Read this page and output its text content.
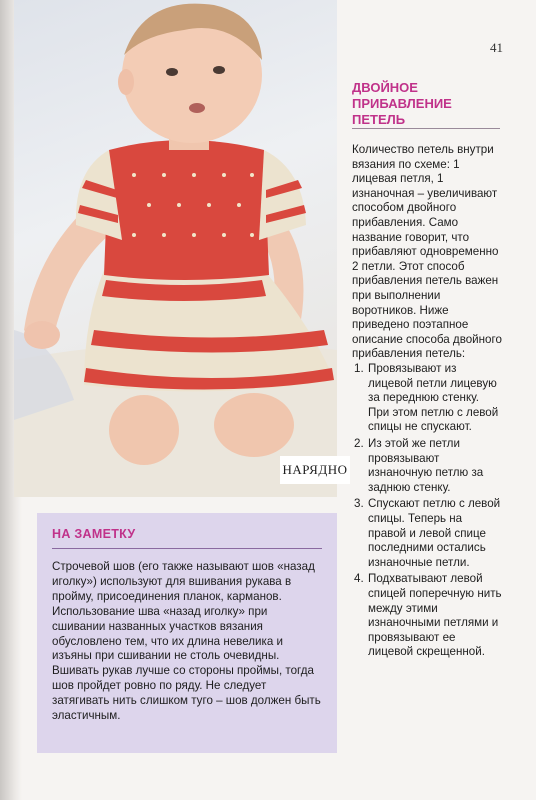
41
НАРЯДНО
ДВОЙНОЕ ПРИБАВЛЕНИЕ ПЕТЕЛЬ

Количество петель внутри вязания по схеме: 1 лицевая петля, 1 изнаночная – увеличивают способом двойного прибавления. Само название говорит, что прибавляют одновременно 2 петли. Этот способ прибавления петель важен при выполнении воротников. Ниже приведено поэтапное описание способа двойного прибавления петель:

1. Провязывают из лицевой петли лицевую за переднюю стенку. При этом петлю с левой спицы не спускают.
2. Из этой же петли провязывают изнаночную петлю за заднюю стенку.
3. Спускают петлю с левой спицы. Теперь на правой и левой спице последними остались изнаночные петли.
4. Подхватывают левой спицей поперечную нить между этими изнаночными петлями и провязывают ее лицевой скрещенной.
НА ЗАМЕТКУ

Строчевой шов (его также называют шов «назад иголку») используют для вшивания рукава в пройму, присоединения планок, карманов. Использование шва «назад иголку» при сшивании названных участков вязания обусловлено тем, что их длина невелика и изъяны при сшивании не столь очевидны. Вшивать рукав лучше со стороны проймы, тогда шов пройдет ровно по ряду. Не следует затягивать нить слишком туго – шов должен быть эластичным.
